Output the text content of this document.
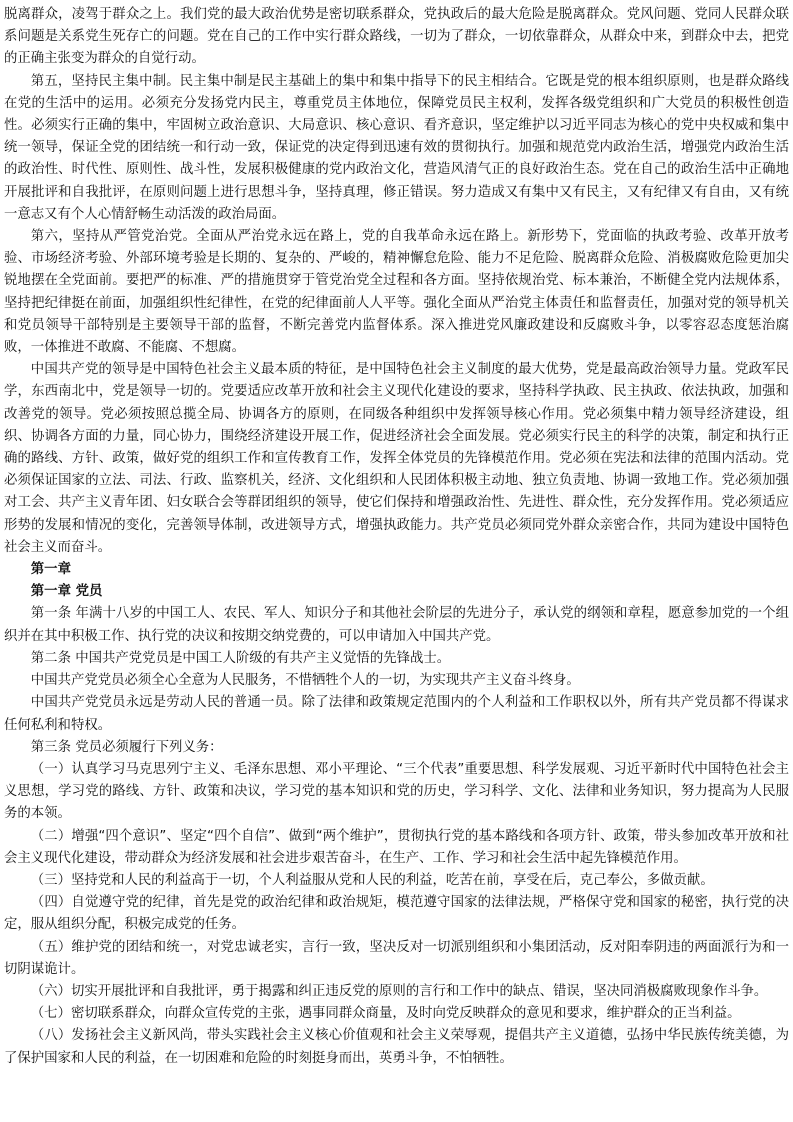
脱离群众，凌驾于群众之上。我们党的最大政治优势是密切联系群众，党执政后的最大危险是脱离群众。党风问题、党同人民群众联系问题是关系党生死存亡的问题。党在自己的工作中实行群众路线，一切为了群众，一切依靠群众，从群众中来，到群众中去，把党的正确主张变为群众的自觉行动。

第五，坚持民主集中制。民主集中制是民主基础上的集中和集中指导下的民主相结合。它既是党的根本组织原则，也是群众路线在党的生活中的运用。必须充分发扬党内民主，尊重党员主体地位，保障党员民主权利，发挥各级党组织和广大党员的积极性创造性。必须实行正确的集中，牢固树立政治意识、大局意识、核心意识、看齐意识，坚定维护以习近平同志为核心的党中央权威和集中统一领导，保证全党的团结统一和行动一致，保证党的决定得到迅速有效的贯彻执行。加强和规范党内政治生活，增强党内政治生活的政治性、时代性、原则性、战斗性，发展积极健康的党内政治文化，营造风清气正的良好政治生态。党在自己的政治生活中正确地开展批评和自我批评，在原则问题上进行思想斗争，坚持真理，修正错误。努力造成又有集中又有民主，又有纪律又有自由，又有统一意志又有个人心情舒畅生动活泼的政治局面。

第六，坚持从严管党治党。全面从严治党永远在路上，党的自我革命永远在路上。新形势下，党面临的执政考验、改革开放考验、市场经济考验、外部环境考验是长期的、复杂的、严峻的，精神懈怠危险、能力不足危险、脱离群众危险、消极腐败危险更加尖锐地摆在全党面前。要把严的标准、严的措施贯穿于管党治党全过程和各方面。坚持依规治党、标本兼治，不断健全党内法规体系，坚持把纪律挺在前面，加强组织性纪律性，在党的纪律面前人人平等。强化全面从严治党主体责任和监督责任，加强对党的领导机关和党员领导干部特别是主要领导干部的监督，不断完善党内监督体系。深入推进党风廉政建设和反腐败斗争，以零容忍态度惩治腐败，一体推进不敢腐、不能腐、不想腐。

中国共产党的领导是中国特色社会主义最本质的特征，是中国特色社会主义制度的最大优势，党是最高政治领导力量。党政军民学，东西南北中，党是领导一切的。党要适应改革开放和社会主义现代化建设的要求，坚持科学执政、民主执政、依法执政，加强和改善党的领导。党必须按照总揽全局、协调各方的原则，在同级各种组织中发挥领导核心作用。党必须集中精力领导经济建设，组织、协调各方面的力量，同心协力，围绕经济建设开展工作，促进经济社会全面发展。党必须实行民主的科学的决策，制定和执行正确的路线、方针、政策，做好党的组织工作和宣传教育工作，发挥全体党员的先锋模范作用。党必须在宪法和法律的范围内活动。党必须保证国家的立法、司法、行政、监察机关，经济、文化组织和人民团体积极主动地、独立负责地、协调一致地工作。党必须加强对工会、共产主义青年团、妇女联合会等群团组织的领导，使它们保持和增强政治性、先进性、群众性，充分发挥作用。党必须适应形势的发展和情况的变化，完善领导体制，改进领导方式，增强执政能力。共产党员必须同党外群众亲密合作，共同为建设中国特色社会主义而奋斗。

第一章

第一章 党员

第一条 年满十八岁的中国工人、农民、军人、知识分子和其他社会阶层的先进分子，承认党的纲领和章程，愿意参加党的一个组织并在其中积极工作、执行党的决议和按期交纳党费的，可以申请加入中国共产党。

第二条 中国共产党党员是中国工人阶级的有共产主义觉悟的先锋战士。

中国共产党党员必须全心全意为人民服务，不惜牺牲个人的一切，为实现共产主义奋斗终身。

中国共产党党员永远是劳动人民的普通一员。除了法律和政策规定范围内的个人利益和工作职权以外，所有共产党员都不得谋求任何私利和特权。

第三条 党员必须履行下列义务：

（一）认真学习马克思列宁主义、毛泽东思想、邓小平理论、“三个代表”重要思想、科学发展观、习近平新时代中国特色社会主义思想，学习党的路线、方针、政策和决议，学习党的基本知识和党的历史，学习科学、文化、法律和业务知识，努力提高为人民服务的本领。

（二）增强“四个意识”、坚定“四个自信”、做到“两个维护”，贯彻执行党的基本路线和各项方针、政策，带头参加改革开放和社会主义现代化建设，带动群众为经济发展和社会进步艰苦奋斗，在生产、工作、学习和社会生活中起先锋模范作用。

（三）坚持党和人民的利益高于一切，个人利益服从党和人民的利益，吃苦在前，享受在后，克己奉公，多做贡献。

（四）自觉遵守党的纪律，首先是党的政治纪律和政治规矩，模范遵守国家的法律法规，严格保守党和国家的秘密，执行党的决定，服从组织分配，积极完成党的任务。

（五）维护党的团结和统一，对党忠诚老实，言行一致，坚决反对一切派别组织和小集团活动，反对阳奉阴违的两面派行为和一切阴谋诡计。

（六）切实开展批评和自我批评，勇于揭露和纠正违反党的原则的言行和工作中的缺点、错误，坚决同消极腐败现象作斗争。

（七）密切联系群众，向群众宣传党的主张，遇事同群众商量，及时向党反映群众的意见和要求，维护群众的正当利益。

（八）发扬社会主义新风尚，带头实践社会主义核心价值观和社会主义荣辱观，提倡共产主义道德，弘扬中华民族传统美德，为了保护国家和人民的利益，在一切困难和危险的时刻挺身而出，英勇斗争，不怕牺牲。
